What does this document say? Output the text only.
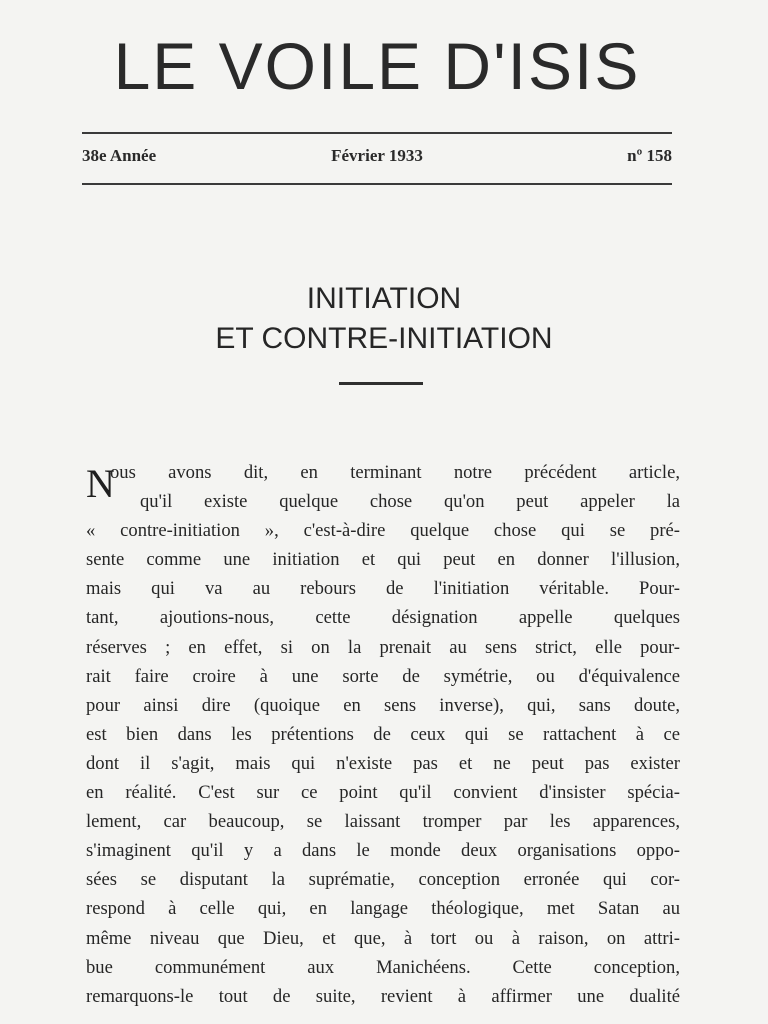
LE VOILE D'ISIS
38e Année	Février 1933	nº 158
INITIATION
ET CONTRE-INITIATION
N
ous avons dit, en terminant notre précédent article,
qu'il existe quelque chose qu'on peut appeler la
« contre-initiation », c'est-à-dire quelque chose qui se pré-
sente comme une initiation et qui peut en donner l'illusion,
mais qui va au rebours de l'initiation véritable. Pour-
tant, ajoutions-nous, cette désignation appelle quelques
réserves ; en effet, si on la prenait au sens strict, elle pour-
rait faire croire à une sorte de symétrie, ou d'équivalence
pour ainsi dire (quoique en sens inverse), qui, sans doute,
est bien dans les prétentions de ceux qui se rattachent à ce
dont il s'agit, mais qui n'existe pas et ne peut pas exister
en réalité. C'est sur ce point qu'il convient d'insister spécia-
lement, car beaucoup, se laissant tromper par les apparences,
s'imaginent qu'il y a dans le monde deux organisations oppo-
sées se disputant la suprématie, conception erronée qui cor-
respond à celle qui, en langage théologique, met Satan au
même niveau que Dieu, et que, à tort ou à raison, on attri-
bue communément aux Manichéens. Cette conception,
remarquons-le tout de suite, revient à affirmer une dualité
